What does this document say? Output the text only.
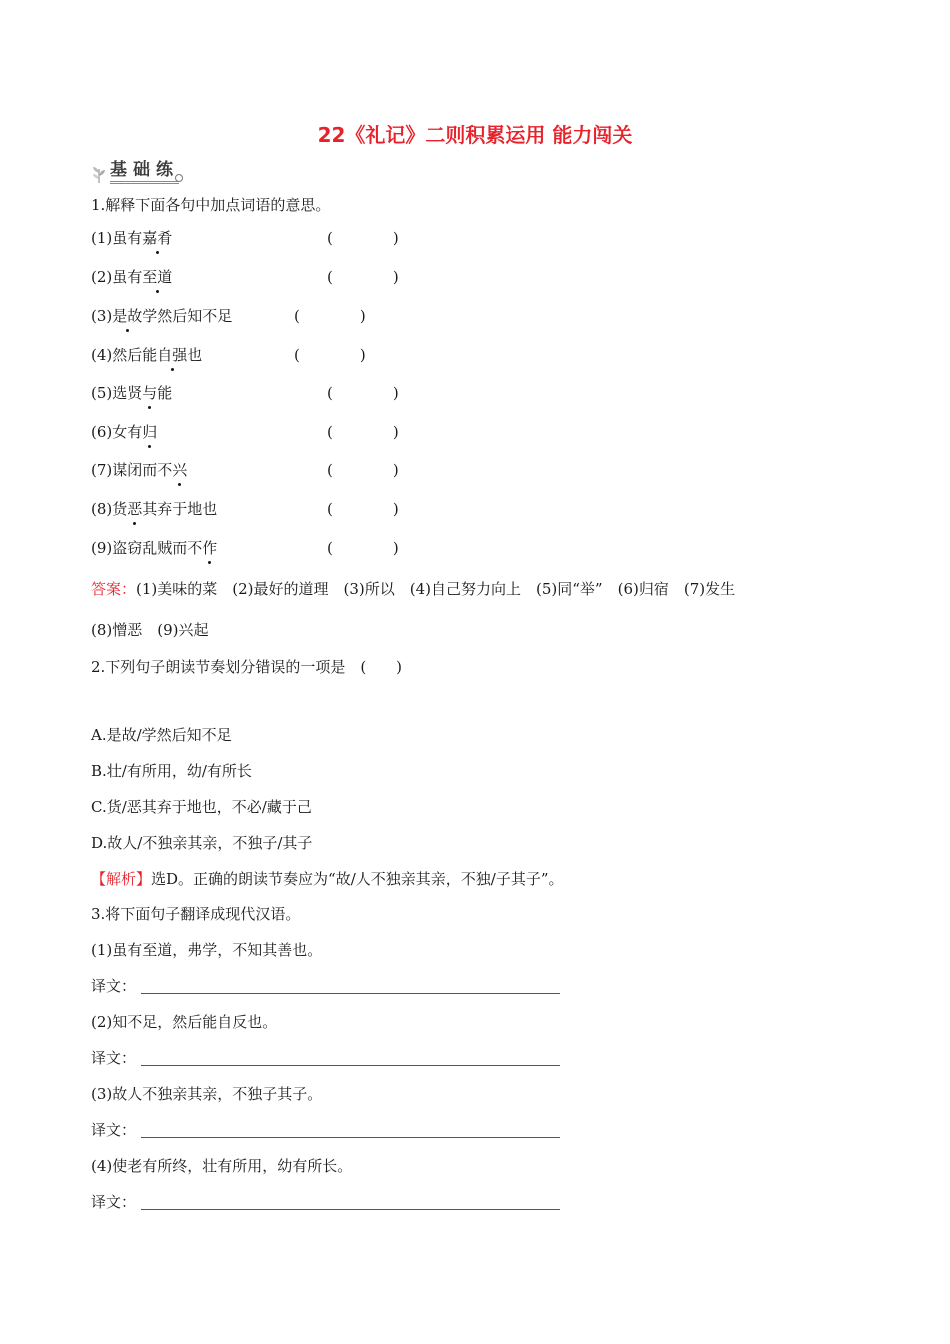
22《礼记》二则积累运用 能力闯关
基础练
1.解释下面各句中加点词语的意思。
(1)虽有嘉肴	(　　　　)
(2)虽有至道	(　　　　)
(3)是故学然后知不足	(　　　　)
(4)然后能自强也	(　　　　)
(5)选贤与能	(　　　　)
(6)女有归	(　　　　)
(7)谋闭而不兴	(　　　　)
(8)货恶其弃于地也	(　　　　)
(9)盗窃乱贼而不作	(　　　　)
答案：(1)美味的菜　(2)最好的道理　(3)所以　(4)自己努力向上　(5)同“举”　(6)归宿　(7)发生
(8)憎恶　(9)兴起
2.下列句子朗读节奏划分错误的一项是　(　　)
A.是故/学然后知不足
B.壮/有所用，幼/有所长
C.货/恶其弃于地也，不必/藏于己
D.故人/不独亲其亲，不独子/其子
【解析】选D。正确的朗读节奏应为“故/人不独亲其亲，不独/子其子”。
3.将下面句子翻译成现代汉语。
(1)虽有至道，弗学，不知其善也。
译文：
(2)知不足，然后能自反也。
译文：
(3)故人不独亲其亲，不独子其子。
译文：
(4)使老有所终，壮有所用，幼有所长。
译文：
